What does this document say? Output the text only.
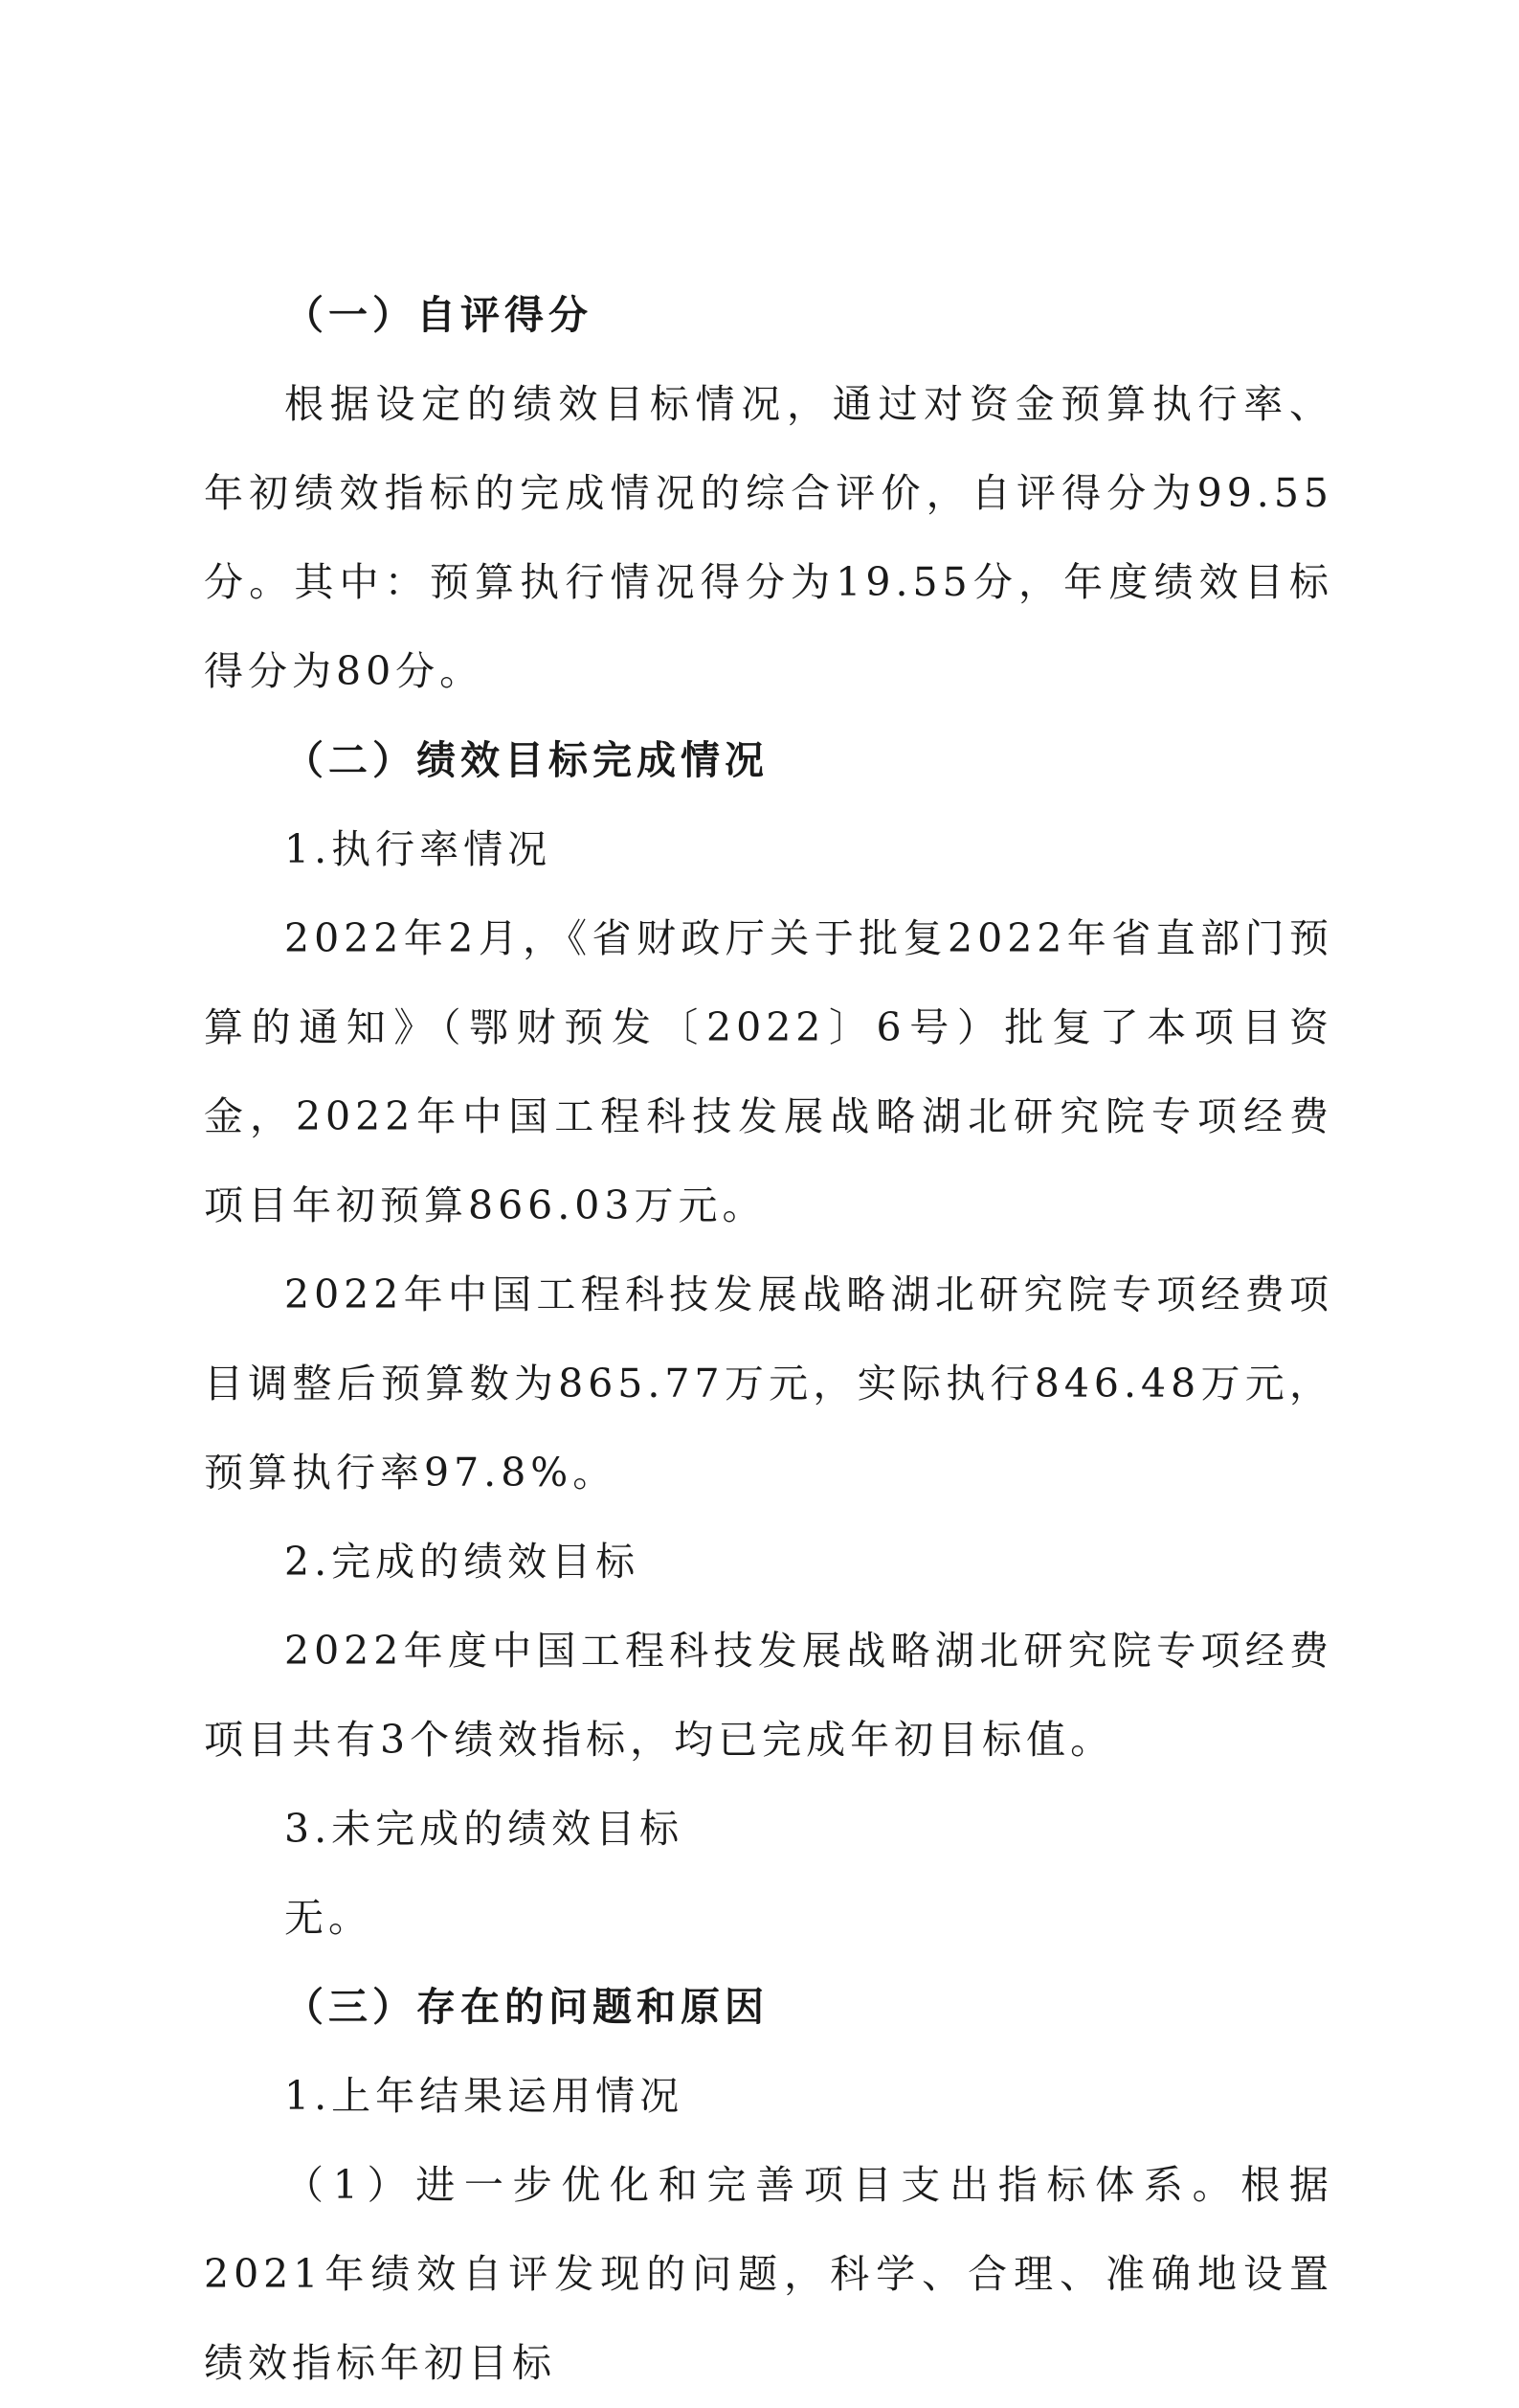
（一）自评得分

根据设定的绩效目标情况，通过对资金预算执行率、年初绩效指标的完成情况的综合评价，自评得分为99.55分。其中：预算执行情况得分为19.55分，年度绩效目标得分为80分。

（二）绩效目标完成情况

1.执行率情况

2022年2月，《省财政厅关于批复2022年省直部门预算的通知》（鄂财预发〔2022〕6号）批复了本项目资金，2022年中国工程科技发展战略湖北研究院专项经费项目年初预算866.03万元。

2022年中国工程科技发展战略湖北研究院专项经费项目调整后预算数为865.77万元，实际执行846.48万元，预算执行率97.8%。

2.完成的绩效目标

2022年度中国工程科技发展战略湖北研究院专项经费项目共有3个绩效指标，均已完成年初目标值。

3.未完成的绩效目标

无。

（三）存在的问题和原因

1.上年结果运用情况

（1）进一步优化和完善项目支出指标体系。根据2021年绩效自评发现的问题，科学、合理、准确地设置绩效指标年初目标
